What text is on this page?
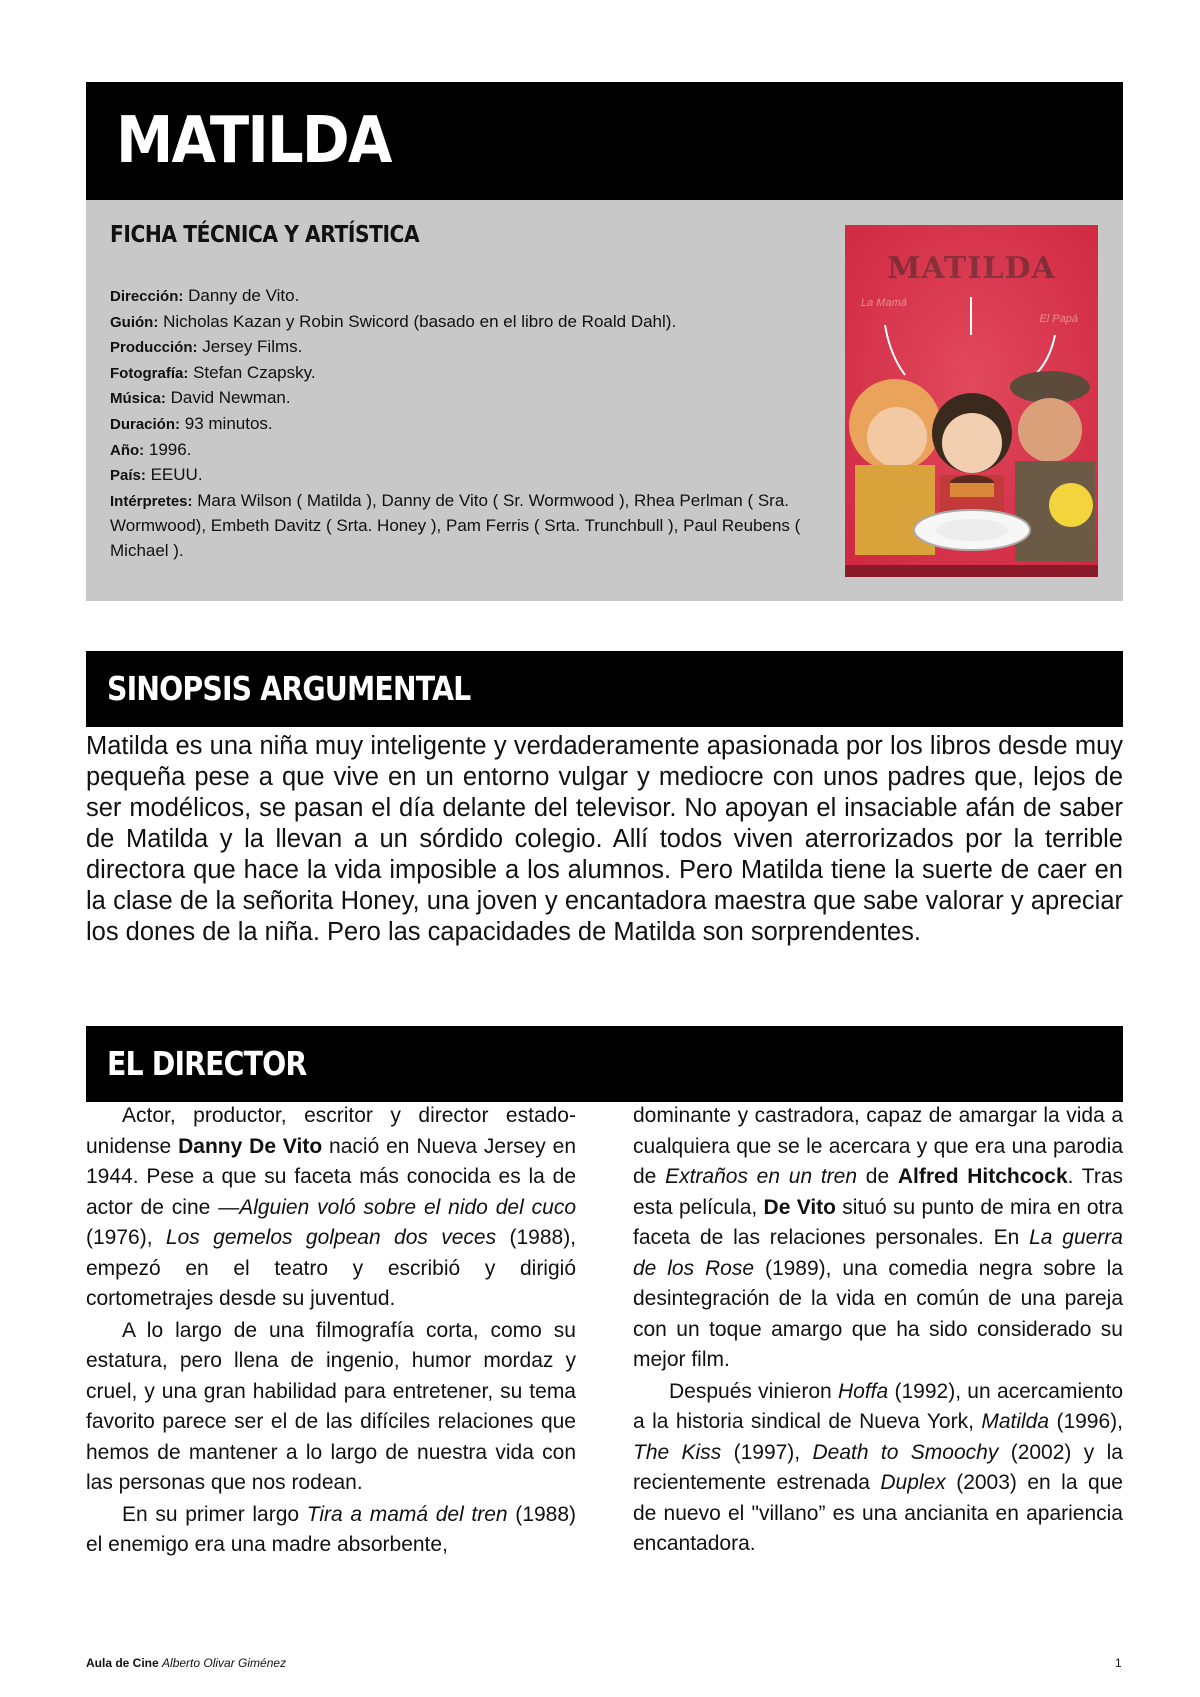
MATILDA
FICHA TÉCNICA Y ARTÍSTICA

Dirección: Danny de Vito.

Guión: Nicholas Kazan y Robin Swicord (basado en el libro de Roald Dahl).

Producción: Jersey Films.

Fotografía: Stefan Czapsky.

Música: David Newman.

Duración: 93 minutos.

Año: 1996.

País: EEUU.

Intérpretes: Mara Wilson ( Matilda ), Danny de Vito ( Sr. Wormwood ), Rhea Perlman ( Sra. Wormwood), Embeth Davitz ( Srta. Honey ), Pam Ferris ( Srta. Trunchbull ), Paul Reubens ( Michael ).

SINOPSIS ARGUMENTAL

Matilda es una niña muy inteligente y verdaderamente apasionada por los libros desde muy pequeña pese a que vive en un entorno vulgar y mediocre con unos padres que, lejos de ser modélicos, se pasan el día delante del televisor. No apoyan el insaciable afán de saber de Matilda y la llevan a un sórdido colegio. Allí todos viven aterrorizados por la terrible directora que hace la vida imposible a los alumnos. Pero Matilda tiene la suerte de caer en la clase de la señorita Honey, una joven y encantadora maestra que sabe valorar y apreciar los dones de la niña. Pero las capacidades de Matilda son sorprendentes.

EL DIRECTOR

Actor, productor, escritor y director estadounidense Danny De Vito nació en Nueva Jersey en 1944. Pese a que su faceta más conocida es la de actor de cine —Alguien voló sobre el nido del cuco (1976), Los gemelos golpean dos veces (1988), empezó en el teatro y escribió y dirigió cortometrajes desde su juventud.

A lo largo de una filmografía corta, como su estatura, pero llena de ingenio, humor mordaz y cruel, y una gran habilidad para entretener, su tema favorito parece ser el de las difíciles relaciones que hemos de mantener a lo largo de nuestra vida con las personas que nos rodean.

En su primer largo Tira a mamá del tren (1988) el enemigo era una madre absorbente,

dominante y castradora, capaz de amargar la vida a cualquiera que se le acercara y que era una parodia de Extraños en un tren de Alfred Hitchcock. Tras esta película, De Vito situó su punto de mira en otra faceta de las relaciones personales. En La guerra de los Rose (1989), una comedia negra sobre la desintegración de la vida en común de una pareja con un toque amargo que ha sido considerado su mejor film.

Después vinieron Hoffa (1992), un acercamiento a la historia sindical de Nueva York, Matilda (1996), The Kiss (1997), Death to Smoochy (2002) y la recientemente estrenada Duplex (2003) en la que de nuevo el "villano” es una ancianita en apariencia encantadora.

Aula de Cine Alberto Olivar Giménez	1
